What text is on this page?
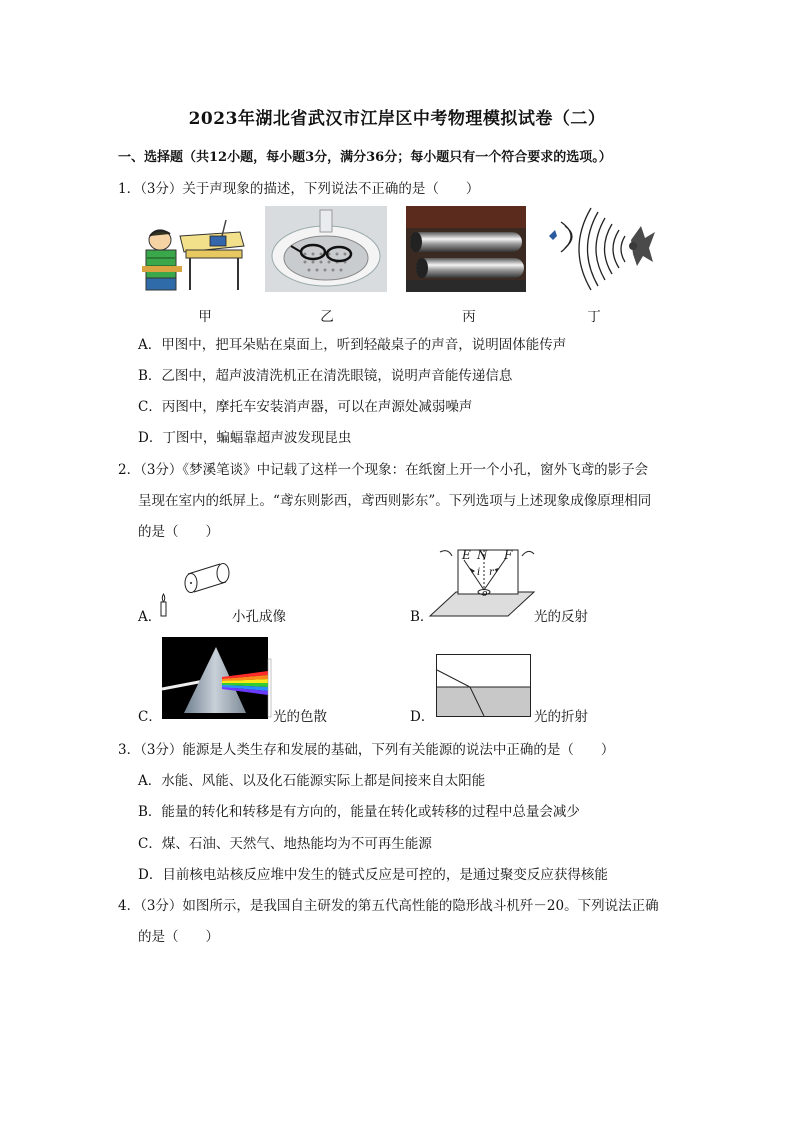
2023年湖北省武汉市江岸区中考物理模拟试卷（二）
一、选择题（共12小题，每小题3分，满分36分；每小题只有一个符合要求的选项。）
1．（3分）关于声现象的描述，下列说法不正确的是（　　）
甲	乙	丙	丁
A．甲图中，把耳朵贴在桌面上，听到轻敲桌子的声音，说明固体能传声
B．乙图中，超声波清洗机正在清洗眼镜，说明声音能传递信息
C．丙图中，摩托车安装消声器，可以在声源处减弱噪声
D．丁图中，蝙蝠靠超声波发现昆虫
2．（3分）《梦溪笔谈》中记载了这样一个现象：在纸窗上开一个小孔，窗外飞鸢的影子会
呈现在室内的纸屏上。“鸢东则影西，鸢西则影东”。下列选项与上述现象成像原理相同
的是（　　）
A．	小孔成像	B．
E N F
i r
o
光的反射
C．	光的色散	D．	光的折射
3．（3分）能源是人类生存和发展的基础，下列有关能源的说法中正确的是（　　）
A．水能、风能、以及化石能源实际上都是间接来自太阳能
B．能量的转化和转移是有方向的，能量在转化或转移的过程中总量会减少
C．煤、石油、天然气、地热能均为不可再生能源
D．目前核电站核反应堆中发生的链式反应是可控的，是通过聚变反应获得核能
4．（3分）如图所示，是我国自主研发的第五代高性能的隐形战斗机歼－20。下列说法正确
的是（　　）
